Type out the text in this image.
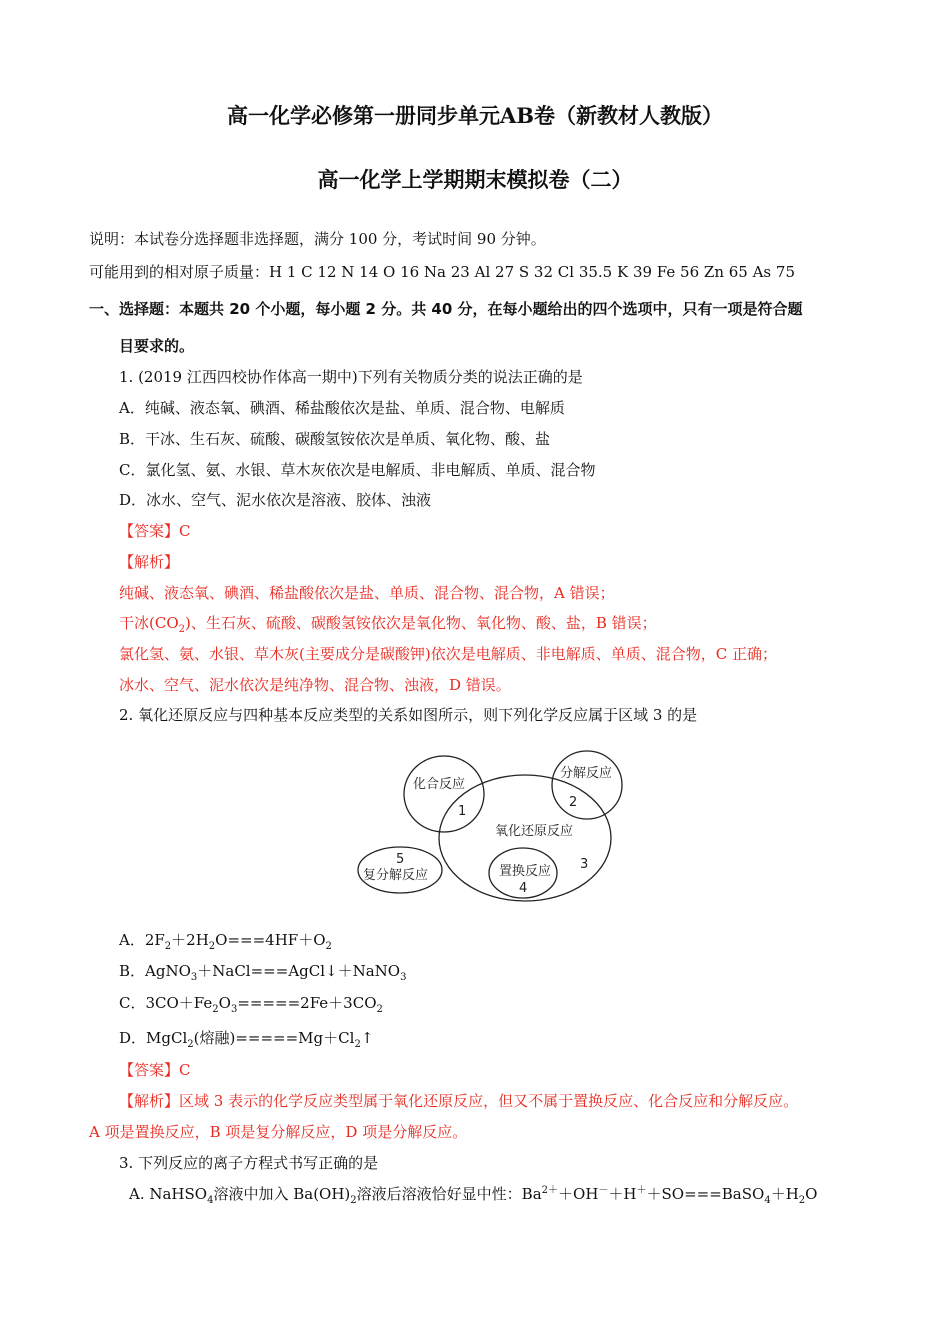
高一化学必修第一册同步单元AB卷（新教材人教版）
高一化学上学期期末模拟卷（二）

说明：本试卷分选择题非选择题，满分 100 分，考试时间 90 分钟。

可能用到的相对原子质量：H 1 C 12 N 14 O 16 Na 23 Al 27 S 32 Cl 35.5 K 39 Fe 56 Zn 65 As 75

一、选择题：本题共 20 个小题，每小题 2 分。共 40 分，在每小题给出的四个选项中，只有一项是符合题

目要求的。

1. (2019 江西四校协作体高一期中)下列有关物质分类的说法正确的是

A．纯碱、液态氧、碘酒、稀盐酸依次是盐、单质、混合物、电解质

B．干冰、生石灰、硫酸、碳酸氢铵依次是单质、氧化物、酸、盐

C．氯化氢、氨、水银、草木灰依次是电解质、非电解质、单质、混合物

D．冰水、空气、泥水依次是溶液、胶体、浊液

【答案】C

【解析】

纯碱、液态氧、碘酒、稀盐酸依次是盐、单质、混合物、混合物，A 错误；

干冰$(CO_2)$、生石灰、硫酸、碳酸氢铵依次是氧化物、氧化物、酸、盐，B 错误；

氯化氢、氨、水银、草木灰(主要成分是碳酸钾)依次是电解质、非电解质、单质、混合物，C 正确；

冰水、空气、泥水依次是纯净物、混合物、浊液，D 错误。

2. 氧化还原反应与四种基本反应类型的关系如图所示，则下列化学反应属于区域 3 的是

化合反应
1
分解反应
2
氧化还原反应
5
复分解反应	置换反应
4
3

A．$2F_2+2H_2O===4HF+O_2$

B．AgNO$_3$＋NaCl===AgCl↓＋NaNO$_3$

C．$3CO+Fe_2O_3=====2Fe+3CO_2$

D．MgCl$_2$(熔融)$=====Mg+Cl_2↑$

【答案】C

【解析】区域 3 表示的化学反应类型属于氧化还原反应，但又不属于置换反应、化合反应和分解反应。

A 项是置换反应，B 项是复分解反应，D 项是分解反应。

3. 下列反应的离子方程式书写正确的是

A. NaHSO$_4$溶液中加入 $Ba(OH)_2$溶液后溶液恰好显中性：$Ba^{2+}+OH^-+H^++SO===BaSO_4+H_2O$
